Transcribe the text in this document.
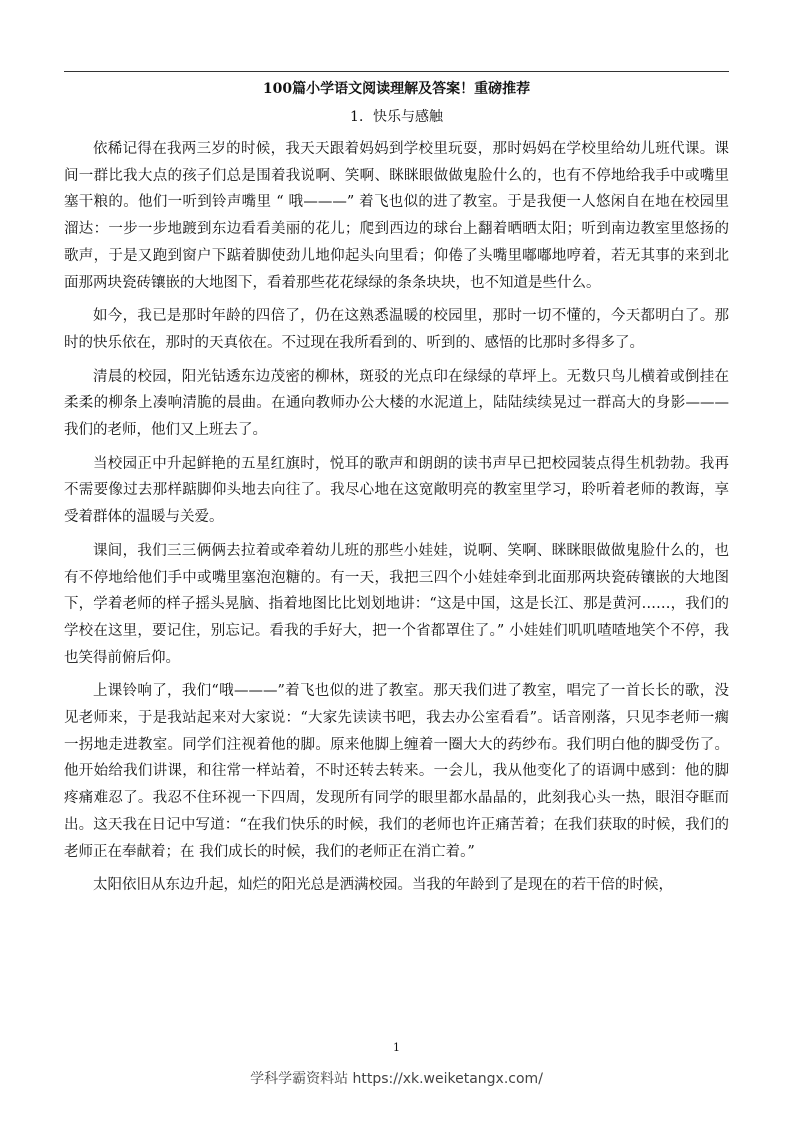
100篇小学语文阅读理解及答案！重磅推荐
1．快乐与感触

依稀记得在我两三岁的时候，我天天跟着妈妈到学校里玩耍，那时妈妈在学校里给幼儿班代课。课间一群比我大点的孩子们总是围着我说啊、笑啊、眯眯眼做做鬼脸什么的，也有不停地给我手中或嘴里塞干粮的。他们一听到铃声嘴里 “ 哦———” 着飞也似的进了教室。于是我便一人悠闲自在地在校园里溜达：一步一步地踱到东边看看美丽的花儿；爬到西边的球台上翻着晒晒太阳；听到南边教室里悠扬的歌声，于是又跑到窗户下踮着脚使劲儿地仰起头向里看；仰倦了头嘴里嘟嘟地哼着，若无其事的来到北面那两块瓷砖镶嵌的大地图下，看着那些花花绿绿的条条块块，也不知道是些什么。

如今，我已是那时年龄的四倍了，仍在这熟悉温暖的校园里，那时一切不懂的，今天都明白了。那时的快乐依在，那时的天真依在。不过现在我所看到的、听到的、感悟的比那时多得多了。

清晨的校园，阳光钻透东边茂密的柳林，斑驳的光点印在绿绿的草坪上。无数只鸟儿横着或倒挂在柔柔的柳条上凑响清脆的晨曲。在通向教师办公大楼的水泥道上，陆陆续续晃过一群高大的身影———我们的老师，他们又上班去了。

当校园正中升起鲜艳的五星红旗时，悦耳的歌声和朗朗的读书声早已把校园装点得生机勃勃。我再不需要像过去那样踮脚仰头地去向往了。我尽心地在这宽敞明亮的教室里学习，聆听着老师的教诲，享受着群体的温暖与关爱。

课间，我们三三俩俩去拉着或牵着幼儿班的那些小娃娃，说啊、笑啊、眯眯眼做做鬼脸什么的，也有不停地给他们手中或嘴里塞泡泡糖的。有一天，我把三四个小娃娃牵到北面那两块瓷砖镶嵌的大地图下，学着老师的样子摇头晃脑、指着地图比比划划地讲：“这是中国，这是长江、那是黄河……，我们的学校在这里，要记住，别忘记。看我的手好大，把一个省都罩住了。” 小娃娃们叽叽喳喳地笑个不停，我也笑得前俯后仰。

上课铃响了，我们“哦———”着飞也似的进了教室。那天我们进了教室，唱完了一首长长的歌，没见老师来，于是我站起来对大家说：“大家先读读书吧，我去办公室看看”。话音刚落，只见李老师一瘸一拐地走进教室。同学们注视着他的脚。原来他脚上缠着一圈大大的药纱布。我们明白他的脚受伤了。他开始给我们讲课，和往常一样站着，不时还转去转来。一会儿，我从他变化了的语调中感到：他的脚疼痛难忍了。我忍不住环视一下四周，发现所有同学的眼里都水晶晶的，此刻我心头一热，眼泪夺眶而出。这天我在日记中写道：“在我们快乐的时候，我们的老师也许正痛苦着；在我们获取的时候，我们的老师正在奉献着；在 我们成长的时候，我们的老师正在消亡着。”

太阳依旧从东边升起，灿烂的阳光总是洒满校园。当我的年龄到了是现在的若干倍的时候，

1
学科学霸资料站 https://xk.weiketangx.com/
